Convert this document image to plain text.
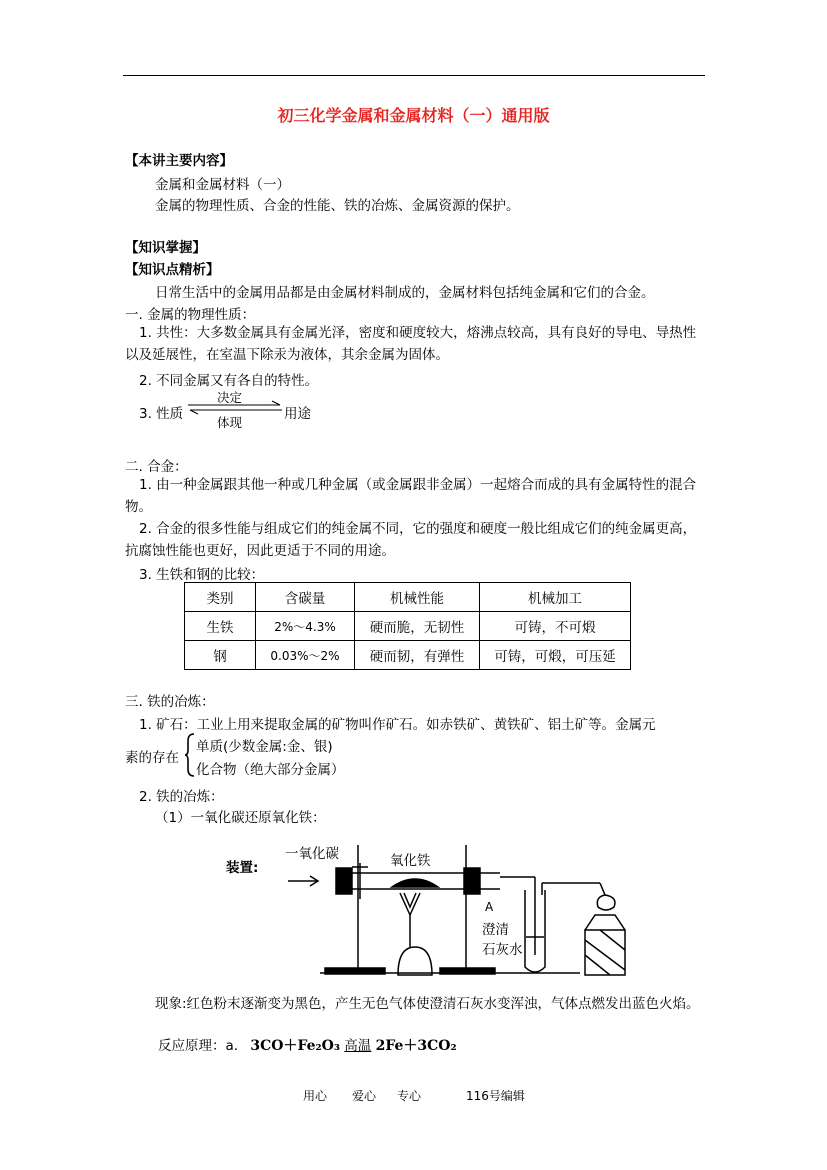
初三化学金属和金属材料（一）通用版
【本讲主要内容】
金属和金属材料（一）
金属的物理性质、合金的性能、铁的冶炼、金属资源的保护。
【知识掌握】
【知识点精析】
日常生活中的金属用品都是由金属材料制成的，金属材料包括纯金属和它们的合金。
一. 金属的物理性质：
1. 共性：大多数金属具有金属光泽，密度和硬度较大，熔沸点较高，具有良好的导电、导热性以及延展性，在室温下除汞为液体，其余金属为固体。
2. 不同金属又有各自的特性。
3. 性质
决定
体现
用途
二. 合金：
1. 由一种金属跟其他一种或几种金属（或金属跟非金属）一起熔合而成的具有金属特性的混合物。
2. 合金的很多性能与组成它们的纯金属不同，它的强度和硬度一般比组成它们的纯金属更高，抗腐蚀性能也更好，因此更适于不同的用途。
3. 生铁和钢的比较：
类别	含碳量	机械性能	机械加工
生铁	2%～4.3%	硬而脆，无韧性	可铸，不可煅
钢	0.03%～2%	硬而韧，有弹性	可铸，可煅，可压延
三. 铁的冶炼：
1. 矿石：工业上用来提取金属的矿物叫作矿石。如赤铁矿、黄铁矿、铝土矿等。金属元
素的存在
单质(少数金属:金、银)
化合物（绝大部分金属）
2. 铁的冶炼：
（1）一氧化碳还原氧化铁：
装置:
一氧化碳	氧化铁
A
澄清
石灰水
现象:红色粉末逐渐变为黑色，产生无色气体使澄清石灰水变浑浊，气体点燃发出蓝色火焰。
反应原理：a. 3CO＋Fe₂O₃ 高温 2Fe＋3CO₂
用心 爱心 专心	116号编辑
